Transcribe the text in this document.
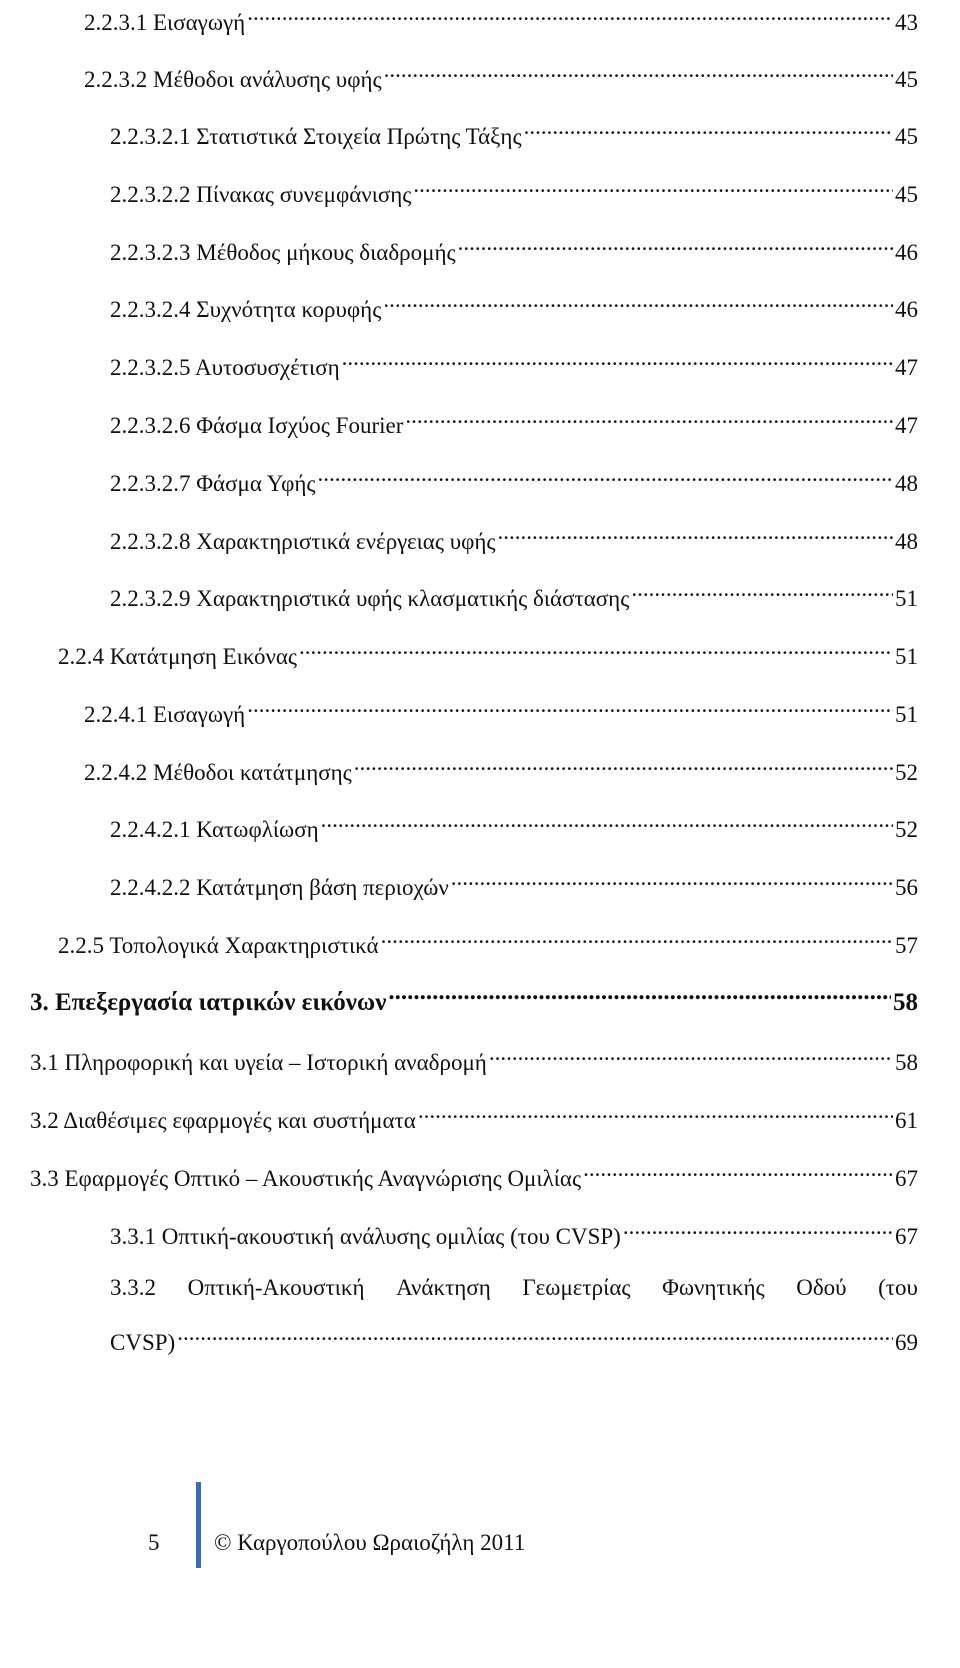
2.2.3.1 Εισαγωγή .....	43
2.2.3.2 Μέθοδοι ανάλυσης υφής .....	45
2.2.3.2.1 Στατιστικά Στοιχεία Πρώτης Τάξης .....	45
2.2.3.2.2 Πίνακας συνεμφάνισης .....	45
2.2.3.2.3 Μέθοδος μήκους διαδρομής .....	46
2.2.3.2.4 Συχνότητα κορυφής .....	46
2.2.3.2.5 Αυτοσυσχέτιση .....	47
2.2.3.2.6 Φάσμα Ισχύος Fourier .....	47
2.2.3.2.7 Φάσμα Υφής .....	48
2.2.3.2.8 Χαρακτηριστικά ενέργειας υφής .....	48
2.2.3.2.9 Χαρακτηριστικά υφής κλασματικής διάστασης .....	51
2.2.4 Κατάτμηση Εικόνας .....	51
2.2.4.1 Εισαγωγή .....	51
2.2.4.2 Μέθοδοι κατάτμησης .....	52
2.2.4.2.1 Κατωφλίωση .....	52
2.2.4.2.2 Κατάτμηση βάση περιοχών .....	56
2.2.5 Τοπολογικά Χαρακτηριστικά .....	57
3. Επεξεργασία ιατρικών εικόνων .....	58
3.1 Πληροφορική και υγεία – Ιστορική αναδρομή .....	58
3.2 Διαθέσιμες εφαρμογές και συστήματα .....	61
3.3 Εφαρμογές Οπτικό – Ακουστικής Αναγνώρισης Ομιλίας .....	67
3.3.1 Οπτική-ακουστική ανάλυσης ομιλίας (του CVSP) .....	67
3.3.2 Οπτική-Ακουστική Ανάκτηση Γεωμετρίας Φωνητικής Οδού (του
CVSP) .....	69
5 © Καργοπούλου Ωραιοζήλη 2011
